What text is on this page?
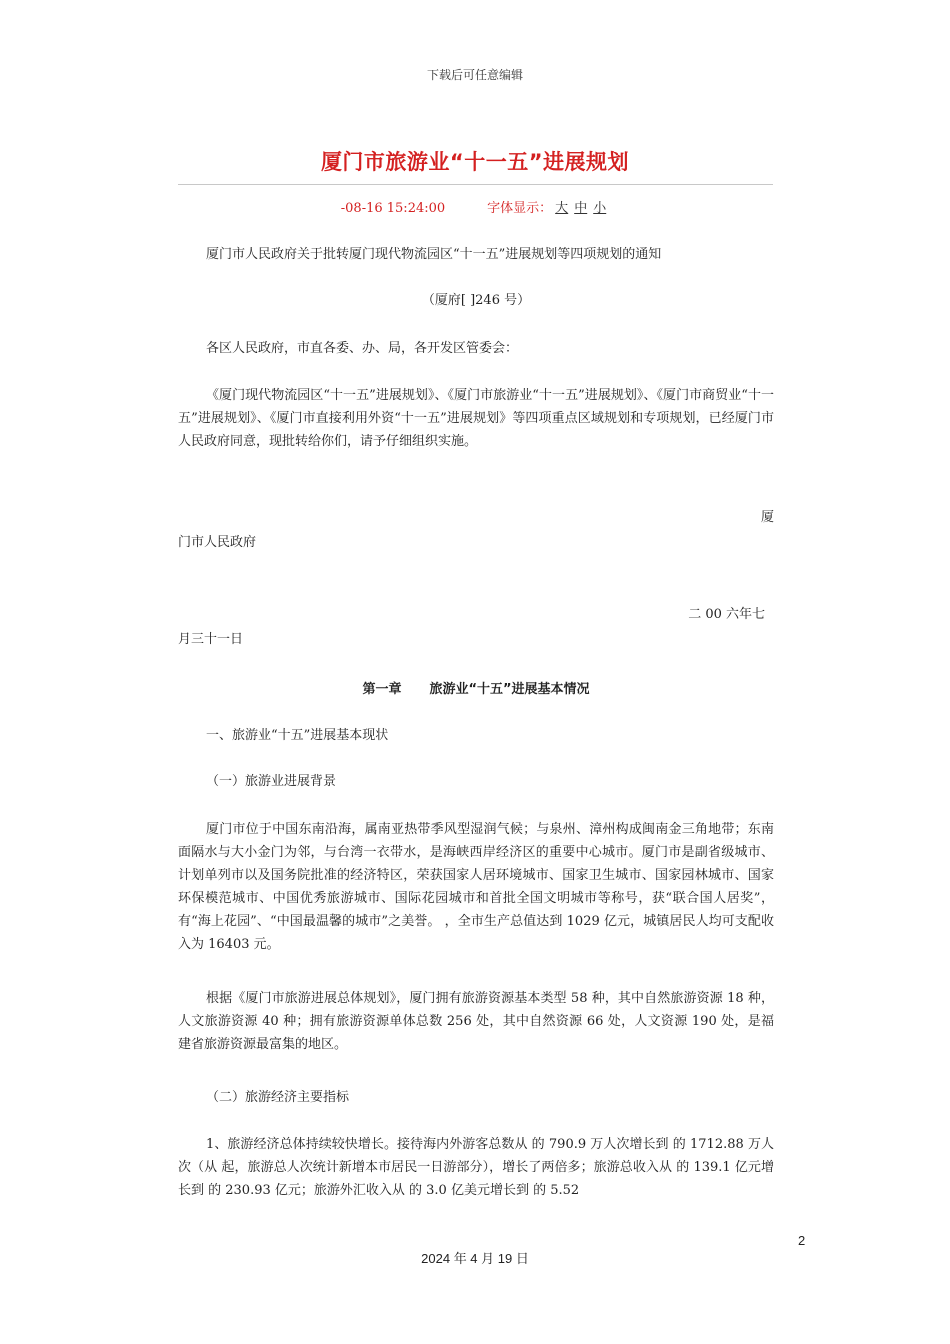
下载后可任意编辑
厦门市旅游业“十一五”进展规划
-08-16 15:24:00	字体显示： 大 中 小
厦门市人民政府关于批转厦门现代物流园区“十一五”进展规划等四项规划的通知
（厦府[ ]246 号）
各区人民政府，市直各委、办、局，各开发区管委会：
《厦门现代物流园区“十一五”进展规划》、《厦门市旅游业“十一五”进展规划》、《厦门市商贸业“十一五”进展规划》、《厦门市直接利用外资“十一五”进展规划》等四项重点区域规划和专项规划，已经厦门市人民政府同意，现批转给你们，请予仔细组织实施。
厦
门市人民政府
二 00 六年七
月三十一日
第一章 旅游业“十五”进展基本情况
一、旅游业“十五”进展基本现状
（一）旅游业进展背景
厦门市位于中国东南沿海，属南亚热带季风型湿润气候；与泉州、漳州构成闽南金三角地带；东南面隔水与大小金门为邻，与台湾一衣带水，是海峡西岸经济区的重要中心城市。厦门市是副省级城市、计划单列市以及国务院批准的经济特区，荣获国家人居环境城市、国家卫生城市、国家园林城市、国家环保模范城市、中国优秀旅游城市、国际花园城市和首批全国文明城市等称号，获“联合国人居奖”，有“海上花园”、“中国最温馨的城市”之美誉。 ，全市生产总值达到 1029 亿元，城镇居民人均可支配收入为 16403 元。
根据《厦门市旅游进展总体规划》，厦门拥有旅游资源基本类型 58 种，其中自然旅游资源 18 种，人文旅游资源 40 种；拥有旅游资源单体总数 256 处，其中自然资源 66 处，人文资源 190 处，是福建省旅游资源最富集的地区。
（二）旅游经济主要指标
1、旅游经济总体持续较快增长。接待海内外游客总数从 的 790.9 万人次增长到 的 1712.88 万人次（从 起，旅游总人次统计新增本市居民一日游部分），增长了两倍多；旅游总收入从 的 139.1 亿元增长到 的 230.93 亿元；旅游外汇收入从 的 3.0 亿美元增长到 的 5.52
2
2024 年 4 月 19 日
